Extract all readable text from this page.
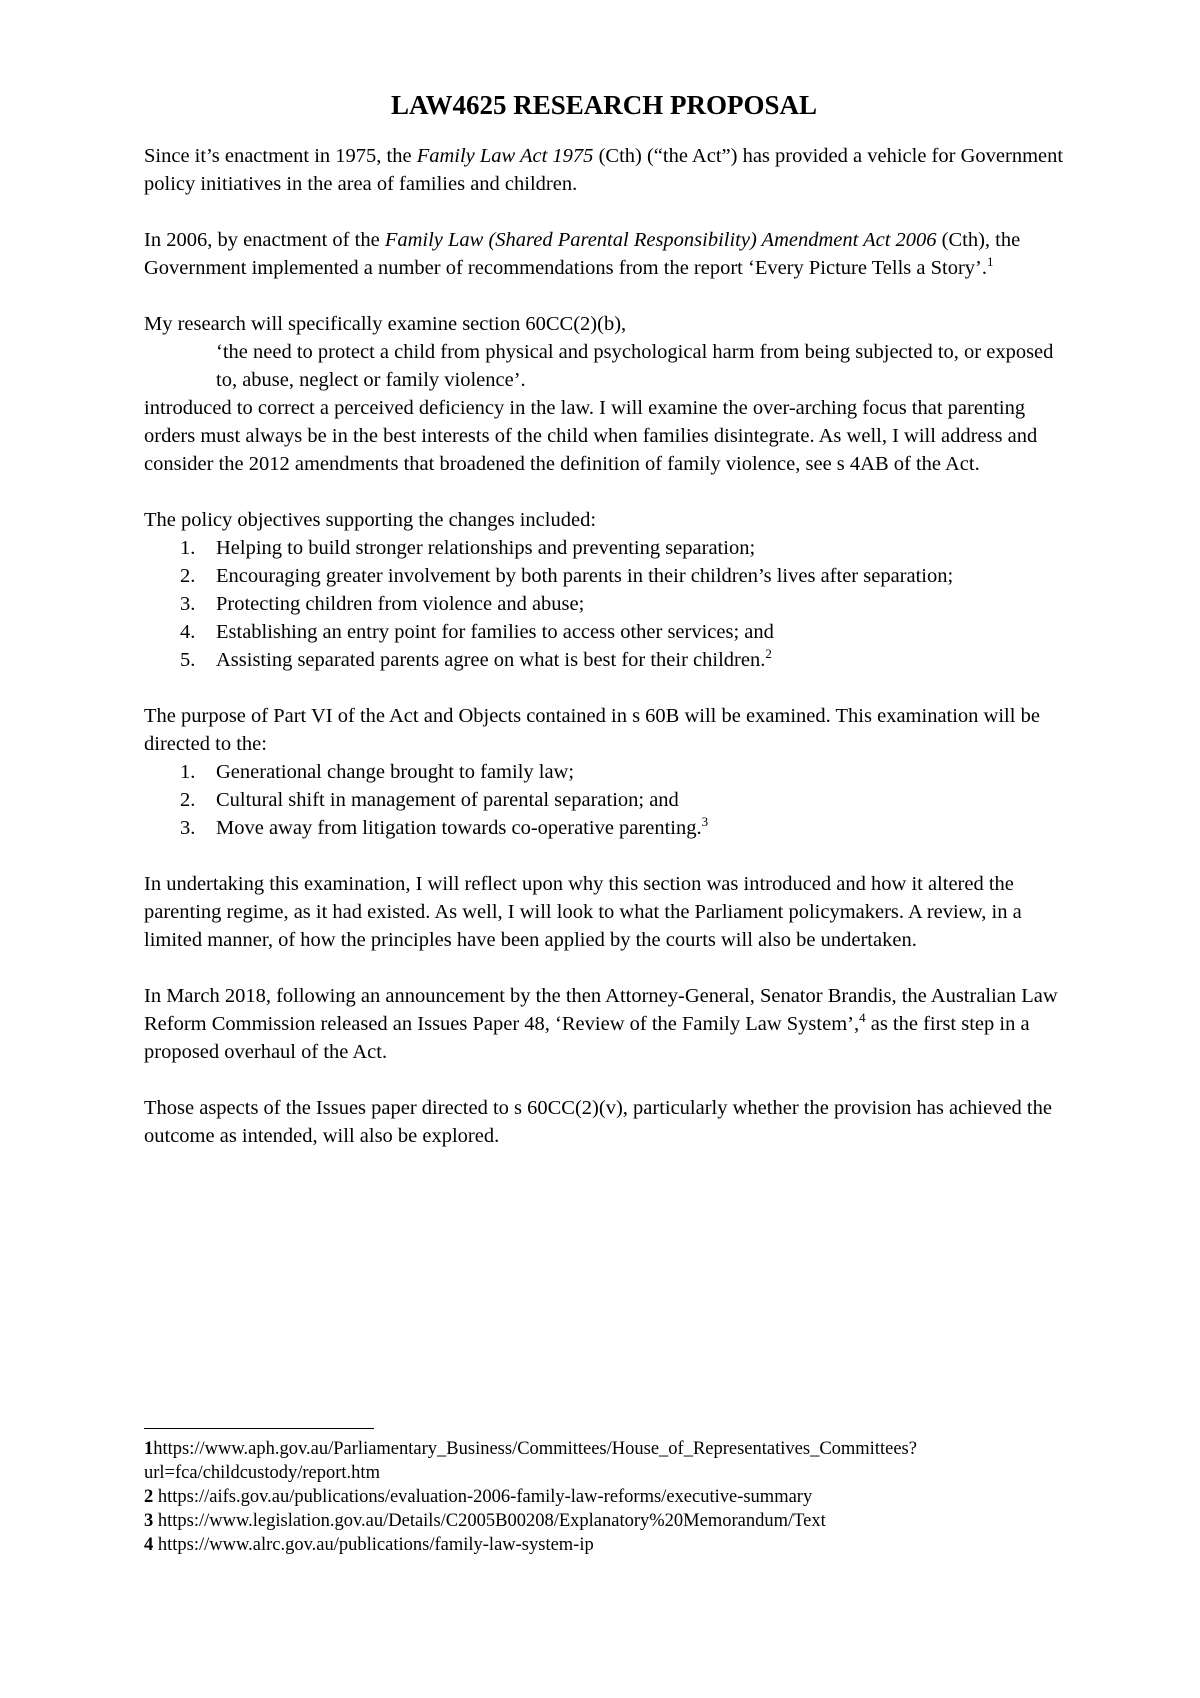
LAW4625 RESEARCH PROPOSAL

Since it’s enactment in 1975, the Family Law Act 1975 (Cth) (“the Act”) has provided a vehicle for Government policy initiatives in the area of families and children.

In 2006, by enactment of the Family Law (Shared Parental Responsibility) Amendment Act 2006 (Cth), the Government implemented a number of recommendations from the report ‘Every Picture Tells a Story’.$^1$

My research will specifically examine section 60CC(2)(b),

‘the need to protect a child from physical and psychological harm from being subjected to, or exposed to, abuse, neglect or family violence’.

introduced to correct a perceived deficiency in the law. I will examine the over-arching focus that parenting orders must always be in the best interests of the child when families disintegrate. As well, I will address and consider the 2012 amendments that broadened the definition of family violence, see s 4AB of the Act.

The policy objectives supporting the changes included:

1. Helping to build stronger relationships and preventing separation;
2. Encouraging greater involvement by both parents in their children’s lives after separation;
3. Protecting children from violence and abuse;
4. Establishing an entry point for families to access other services; and
5. Assisting separated parents agree on what is best for their children.$^2$

The purpose of Part VI of the Act and Objects contained in s 60B will be examined. This examination will be directed to the:

1. Generational change brought to family law;
2. Cultural shift in management of parental separation; and
3. Move away from litigation towards co-operative parenting.$^3$

In undertaking this examination, I will reflect upon why this section was introduced and how it altered the parenting regime, as it had existed. As well, I will look to what the Parliament policymakers. A review, in a limited manner, of how the principles have been applied by the courts will also be undertaken.

In March 2018, following an announcement by the then Attorney-General, Senator Brandis, the Australian Law Reform Commission released an Issues Paper 48, ‘Review of the Family Law System’,$^4$ as the first step in a proposed overhaul of the Act.

Those aspects of the Issues paper directed to s 60CC(2)(v), particularly whether the provision has achieved the outcome as intended, will also be explored.

1https://www.aph.gov.au/Parliamentary_Business/Committees/House_of_Representatives_Committees?url=fca/childcustody/report.htm
2 https://aifs.gov.au/publications/evaluation-2006-family-law-reforms/executive-summary
3 https://www.legislation.gov.au/Details/C2005B00208/Explanatory%20Memorandum/Text
4 https://www.alrc.gov.au/publications/family-law-system-ip
